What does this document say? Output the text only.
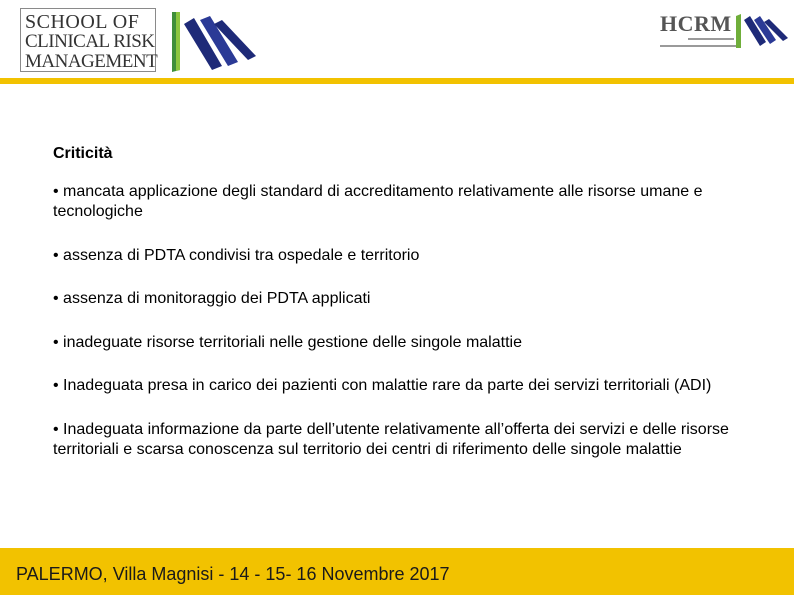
SCHOOL OF
CLINICAL RISK
MANAGEMENT
HCRM

Criticità

• mancata applicazione degli standard di accreditamento relativamente alle risorse umane e tecnologiche

• assenza di PDTA condivisi tra ospedale e territorio

• assenza di monitoraggio dei PDTA applicati

• inadeguate risorse territoriali nelle gestione delle singole malattie

• Inadeguata presa in carico dei pazienti con malattie rare da parte dei servizi territoriali (ADI)

• Inadeguata informazione da parte dell’utente relativamente all’offerta dei servizi e delle risorse territoriali e scarsa conoscenza sul territorio dei centri di riferimento delle singole malattie

PALERMO, Villa Magnisi - 14 - 15- 16 Novembre 2017
